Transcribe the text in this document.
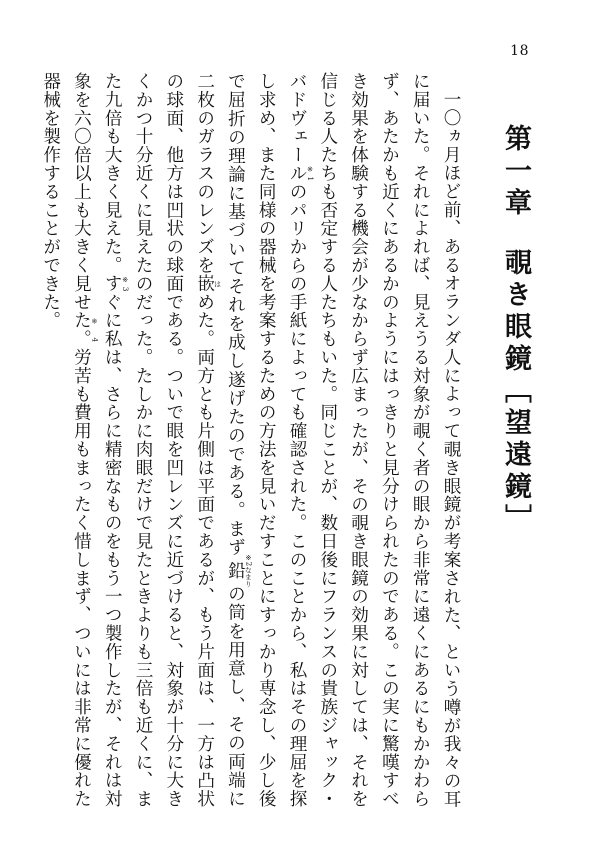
18
第一章覗き眼鏡［望遠鏡］

一〇ヵ月ほど前、あるオランダ人によって覗き眼鏡が考案された、という噂が我々の耳に届いた。それによれば、見えうる対象が覗く者の眼から非常に遠くにあるにもかかわらず、あたかも近くにあるかのようにはっきりと見分けられたのである。この実に驚嘆すべき効果を体験する機会が少なからず広まったが、その覗き眼鏡の効果に対しては、それを信じる人たちも否定する人たちもいた。同じことが、数日後にフランスの貴族ジャック・バドヴェール ※1のパリからの手紙によっても確認された。このことから、私はその理屈を探し求め、また同様の器械を考案するための方法を見いだすことにすっかり専念し、少し後で屈折の理論に基づいてそれを成し遂げたのである。まず鉛 ※2なまりの筒を用意し、その両端に二枚のガラスのレンズを嵌 はめた。両方とも片側は平面であるが、もう片面は、一方は凸状の球面、他方は凹状の球面である。ついで眼を凹レンズに近づけると、対象が十分に大きくかつ十分近くに見えたのだった。たしかに肉眼だけで見たときよりも三倍も近くに、また九倍も大きく見えた。す ※3ぐに私は、さらに精密なものをもう一つ製作したが、それは対象を六〇倍以上も大きく見せた。 ※4労苦も費用もまったく惜しまず、ついには非常に優れた器械を製作することができた。
